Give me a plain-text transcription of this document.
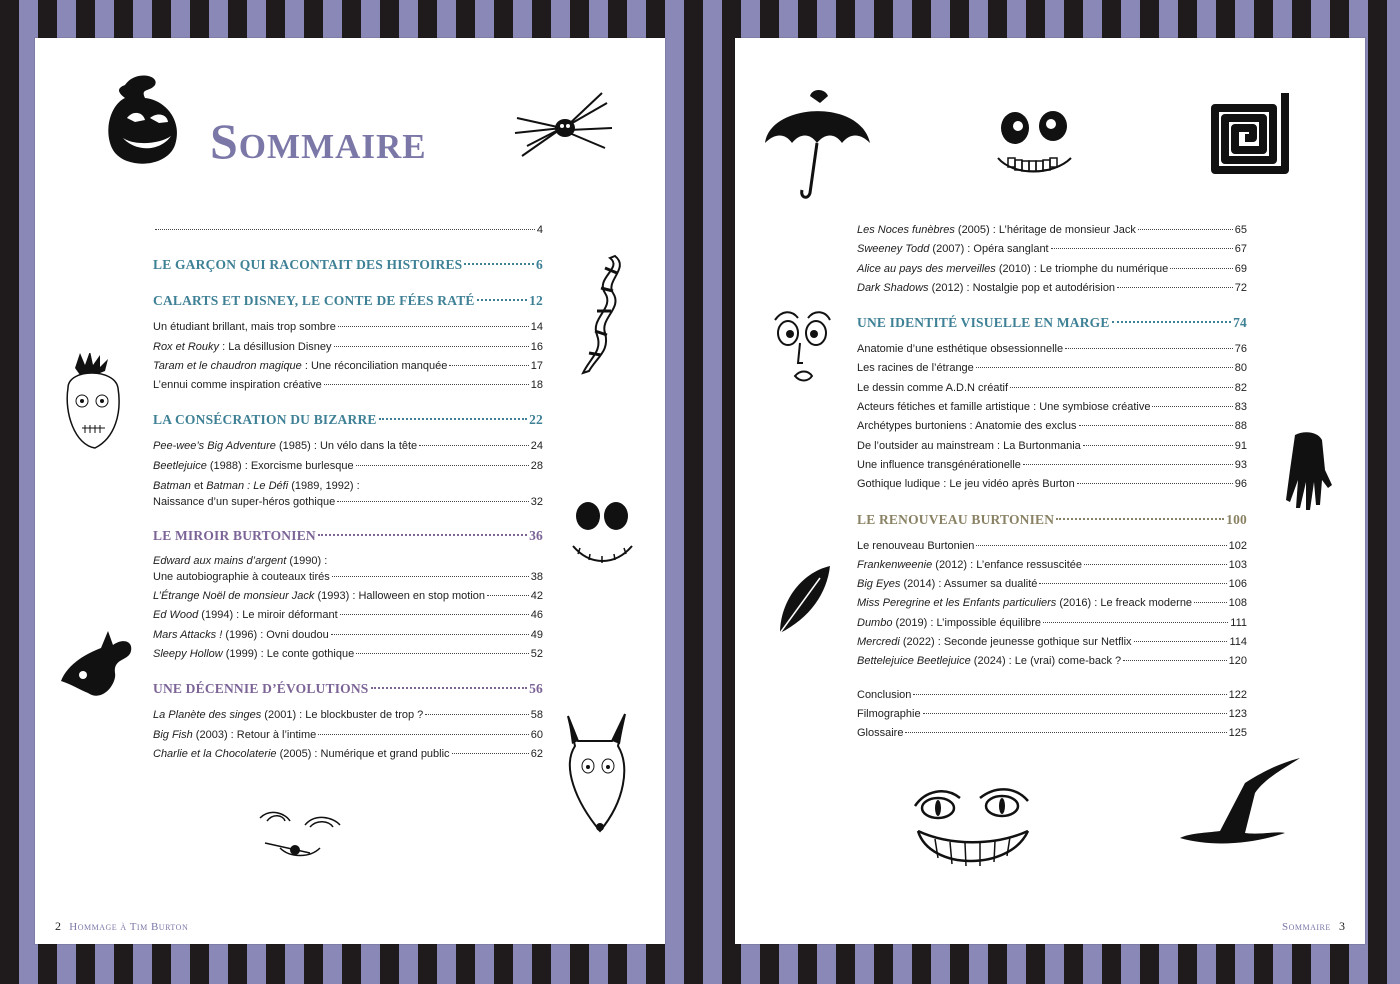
Sommaire
4
LE GARÇON QUI RACONTAIT DES HISTOIRES	6
CALARTS ET DISNEY, LE CONTE DE FÉES RATÉ	12
Un étudiant brillant, mais trop sombre	14
Rox et Rouky : La désillusion Disney	16
Taram et le chaudron magique : Une réconciliation manquée	17
L’ennui comme inspiration créative	18
LA CONSÉCRATION DU BIZARRE	22
Pee-wee’s Big Adventure (1985) : Un vélo dans la tête	24
Beetlejuice (1988) : Exorcisme burlesque	28
Batman et Batman : Le Défi (1989, 1992) :
Naissance d’un super-héros gothique	32
LE MIROIR BURTONIEN	36
Edward aux mains d’argent (1990) :
Une autobiographie à couteaux tirés	38
L’Étrange Noël de monsieur Jack (1993) : Halloween en stop motion	42
Ed Wood (1994) : Le miroir déformant	46
Mars Attacks ! (1996) : Ovni doudou	49
Sleepy Hollow (1999) : Le conte gothique	52
UNE DÉCENNIE D’ÉVOLUTIONS	56
La Planète des singes (2001) : Le blockbuster de trop ?	58
Big Fish (2003) : Retour à l’intime	60
Charlie et la Chocolaterie (2005) : Numérique et grand public	62
2 Hommage à Tim Burton
Les Noces funèbres (2005) : L’héritage de monsieur Jack	65
Sweeney Todd (2007) : Opéra sanglant	67
Alice au pays des merveilles (2010) : Le triomphe du numérique	69
Dark Shadows (2012) : Nostalgie pop et autodérision	72
UNE IDENTITÉ VISUELLE EN MARGE	74
Anatomie d’une esthétique obsessionnelle	76
Les racines de l’étrange	80
Le dessin comme A.D.N créatif	82
Acteurs fétiches et famille artistique : Une symbiose créative	83
Archétypes burtoniens : Anatomie des exclus	88
De l’outsider au mainstream : La Burtonmania	91
Une influence transgénérationelle	93
Gothique ludique : Le jeu vidéo après Burton	96
LE RENOUVEAU BURTONIEN	100
Le renouveau Burtonien	102
Frankenweenie (2012) : L’enfance ressuscitée	103
Big Eyes (2014) : Assumer sa dualité	106
Miss Peregrine et les Enfants particuliers (2016) : Le freack moderne	108
Dumbo (2019) : L’impossible équilibre	111
Mercredi (2022) : Seconde jeunesse gothique sur Netflix	114
Bettelejuice Beetlejuice (2024) : Le (vrai) come-back ?	120
Conclusion	122
Filmographie	123
Glossaire	125
Sommaire 3
